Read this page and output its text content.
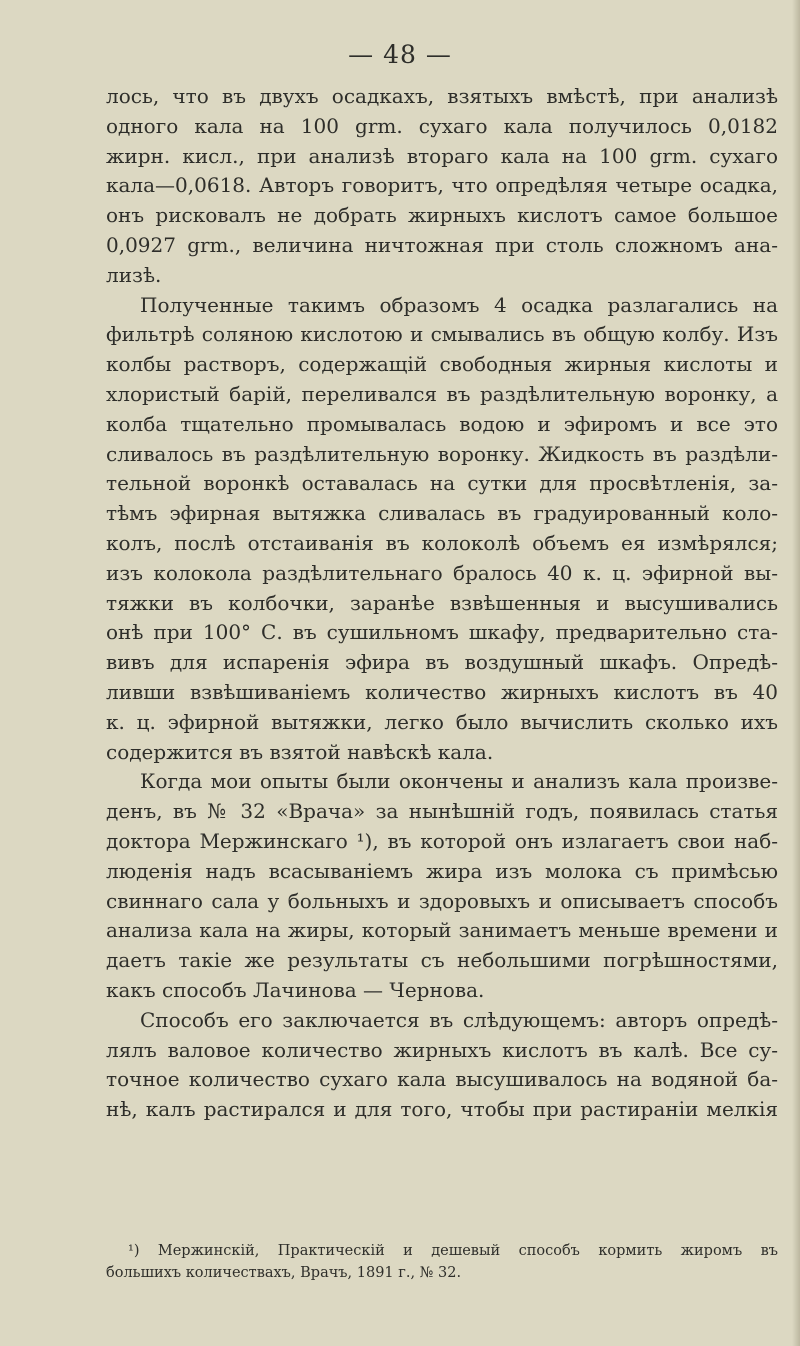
— 48 —
лось, что въ двухъ осадкахъ, взятыхъ вмѣстѣ, при анализѣ
одного кала на 100 grm. сухаго кала получилось 0,0182
жирн. кисл., при анализѣ втораго кала на 100 grm. сухаго
кала—0,0618. Авторъ говоритъ, что опредѣляя четыре осадка,
онъ рисковалъ не добрать жирныхъ кислотъ самое большое
0,0927 grm., величина ничтожная при столь сложномъ ана-
лизѣ.
Полученные такимъ образомъ 4 осадка разлагались на
фильтрѣ соляною кислотою и смывались въ общую колбу. Изъ
колбы растворъ, содержащій свободныя жирныя кислоты и
хлористый барій, переливался въ раздѣлительную воронку, а
колба тщательно промывалась водою и эфиромъ и все это
сливалось въ раздѣлительную воронку. Жидкость въ раздѣли-
тельной воронкѣ оставалась на сутки для просвѣтленія, за-
тѣмъ эфирная вытяжка сливалась въ градуированный коло-
колъ, послѣ отстаиванія въ колоколѣ объемъ ея измѣрялся;
изъ колокола раздѣлительнаго бралось 40 к. ц. эфирной вы-
тяжки въ колбочки, заранѣе взвѣшенныя и высушивались
онѣ при 100° С. въ сушильномъ шкафу, предварительно ста-
вивъ для испаренія эфира въ воздушный шкафъ. Опредѣ-
ливши взвѣшиваніемъ количество жирныхъ кислотъ въ 40
к. ц. эфирной вытяжки, легко было вычислить сколько ихъ
содержится въ взятой навѣскѣ кала.
Когда мои опыты были окончены и анализъ кала произве-
денъ, въ № 32 «Врача» за нынѣшній годъ, появилась статья
доктора Мержинскаго ¹), въ которой онъ излагаетъ свои наб-
люденія надъ всасываніемъ жира изъ молока съ примѣсью
свиннаго сала у больныхъ и здоровыхъ и описываетъ способъ
анализа кала на жиры, который занимаетъ меньше времени и
даетъ такіе же результаты съ небольшими погрѣшностями,
какъ способъ Лачинова — Чернова.
Способъ его заключается въ слѣдующемъ: авторъ опредѣ-
лялъ валовое количество жирныхъ кислотъ въ калѣ. Все су-
точное количество сухаго кала высушивалось на водяной ба-
нѣ, калъ растирался и для того, чтобы при растираніи мелкія
¹) Мержинскій, Практическій и дешевый способъ кормить жиромъ въ
большихъ количествахъ, Врачъ, 1891 г., № 32.
